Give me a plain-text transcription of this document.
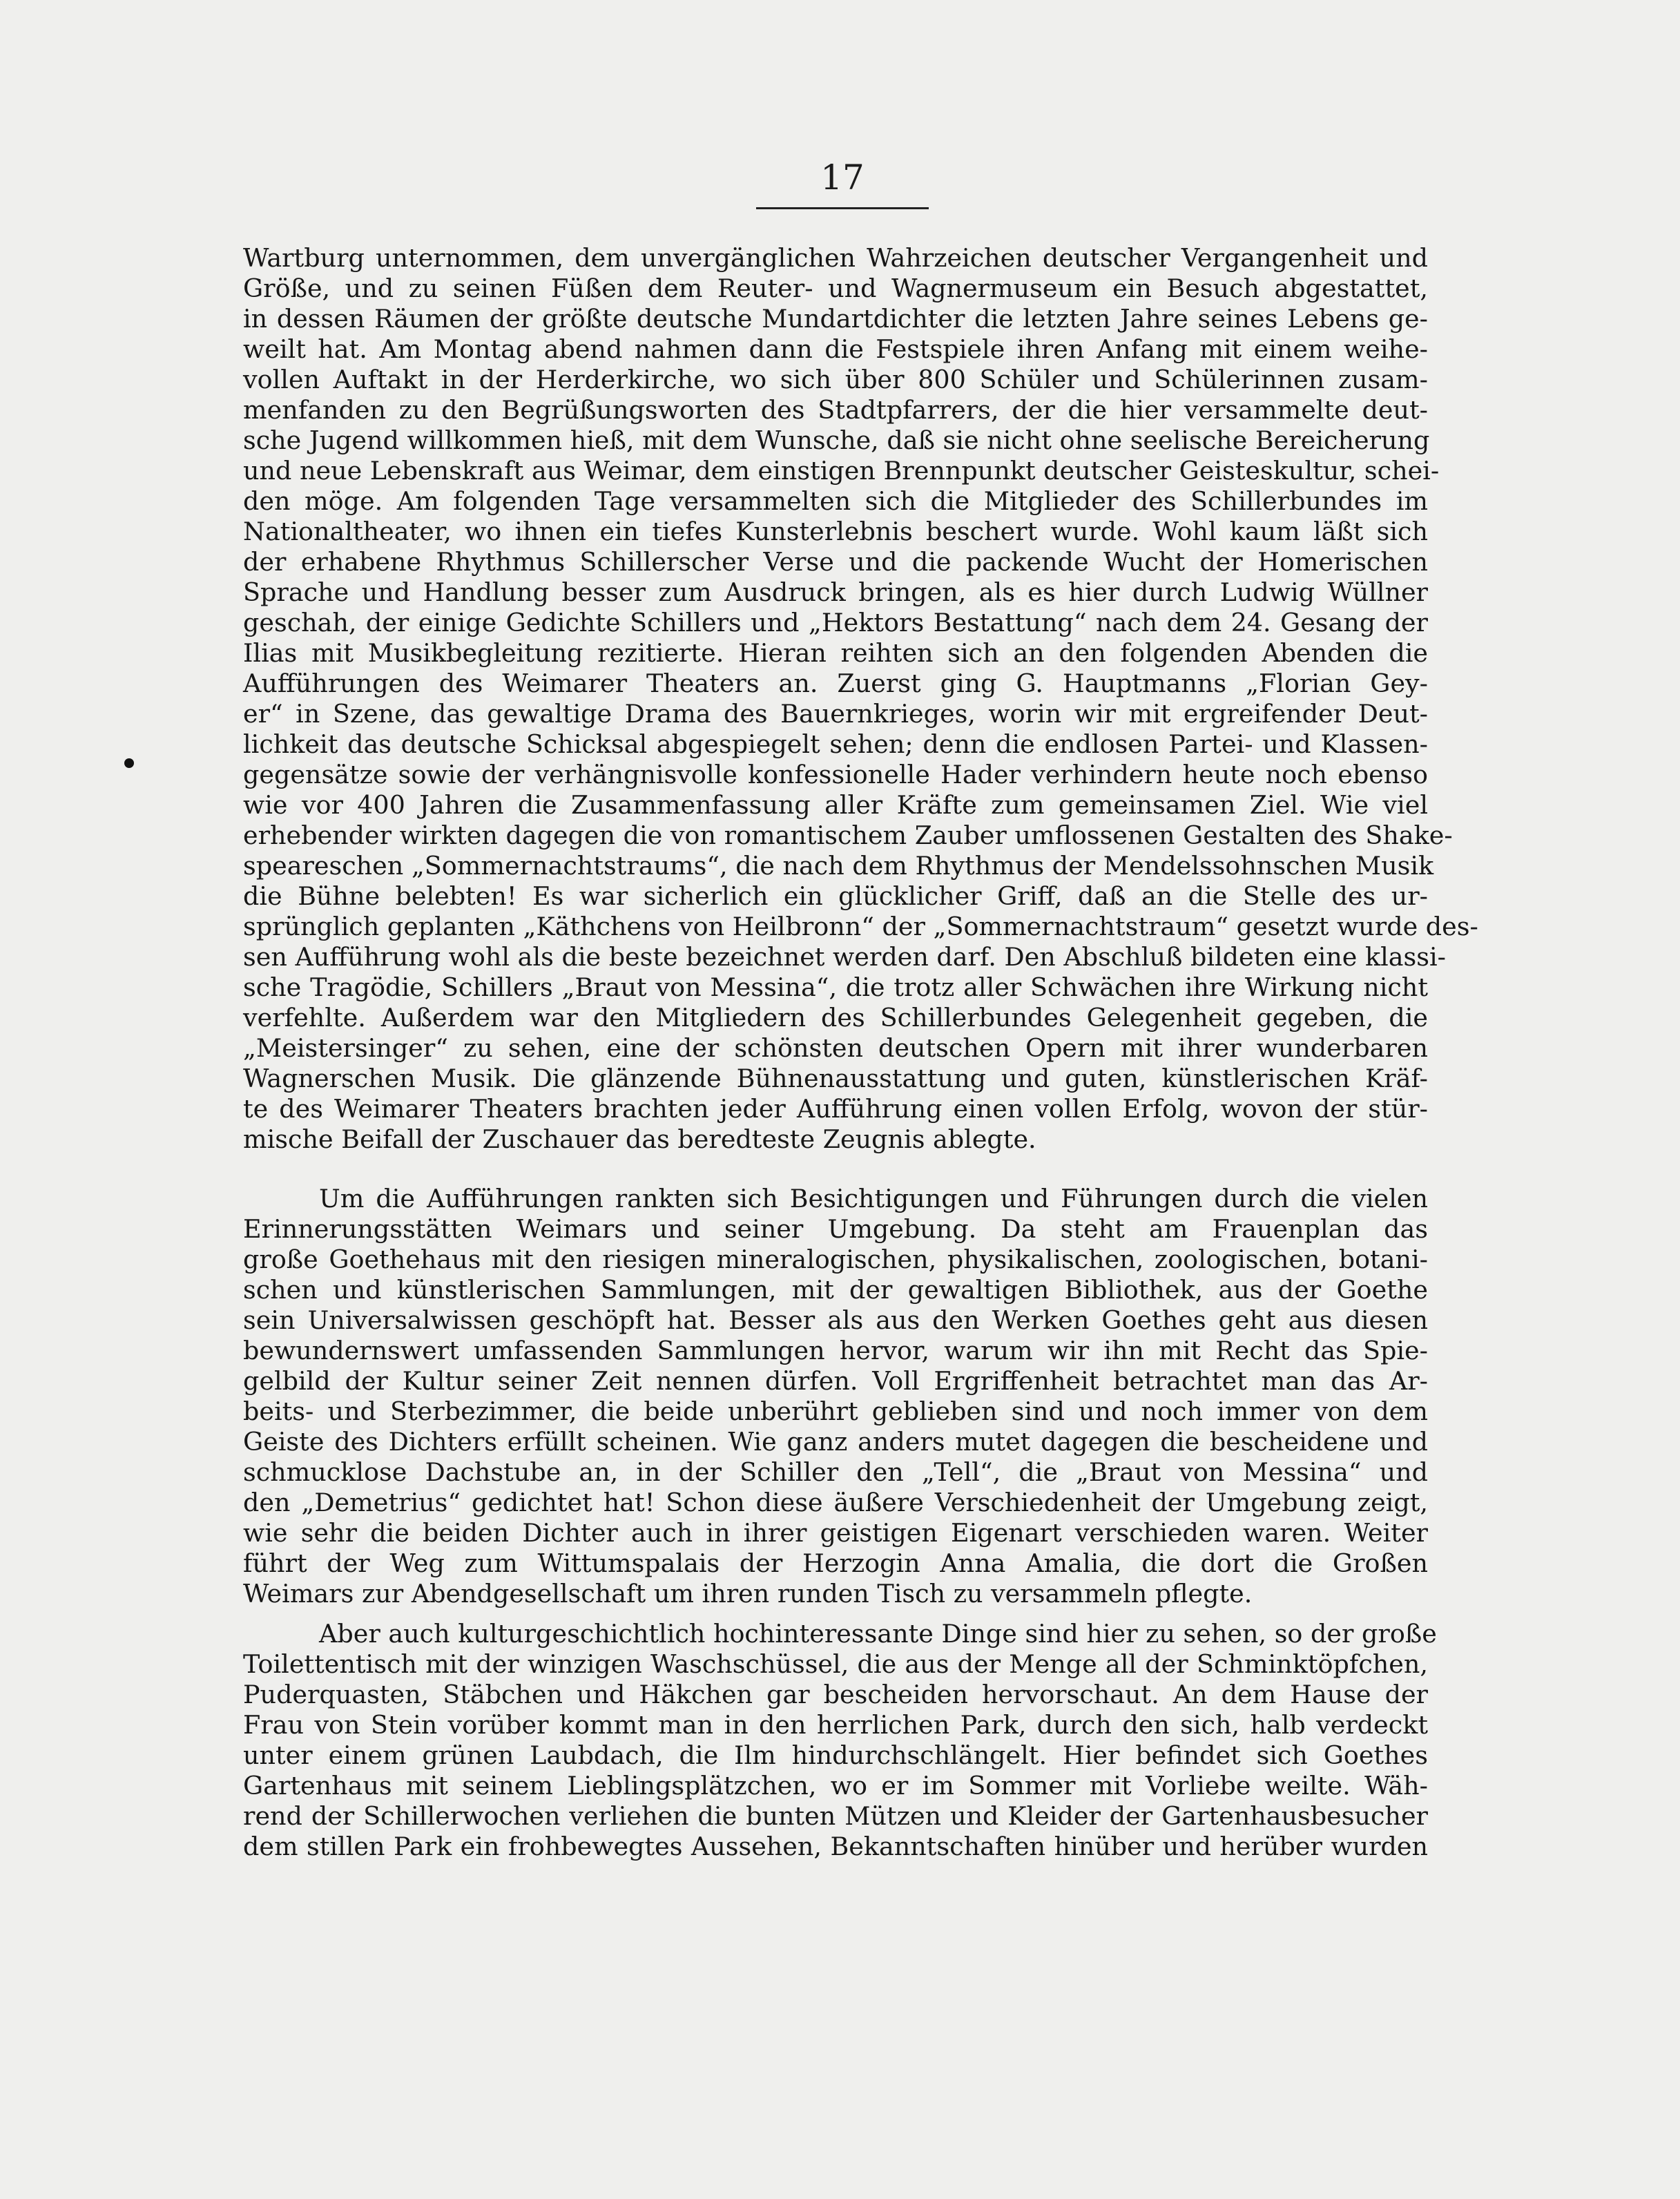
17
Wartburg unternommen, dem unvergänglichen Wahrzeichen deutscher Vergangenheit und
Größe, und zu seinen Füßen dem Reuter- und Wagnermuseum ein Besuch abgestattet,
in dessen Räumen der größte deutsche Mundartdichter die letzten Jahre seines Lebens ge-
weilt hat. Am Montag abend nahmen dann die Festspiele ihren Anfang mit einem weihe-
vollen Auftakt in der Herderkirche, wo sich über 800 Schüler und Schülerinnen zusam-
menfanden zu den Begrüßungsworten des Stadtpfarrers, der die hier versammelte deut-
sche Jugend willkommen hieß, mit dem Wunsche, daß sie nicht ohne seelische Bereicherung
und neue Lebenskraft aus Weimar, dem einstigen Brennpunkt deutscher Geisteskultur, schei-
den möge. Am folgenden Tage versammelten sich die Mitglieder des Schillerbundes im
Nationaltheater, wo ihnen ein tiefes Kunsterlebnis beschert wurde. Wohl kaum läßt sich
der erhabene Rhythmus Schillerscher Verse und die packende Wucht der Homerischen
Sprache und Handlung besser zum Ausdruck bringen, als es hier durch Ludwig Wüllner
geschah, der einige Gedichte Schillers und „Hektors Bestattung“ nach dem 24. Gesang der
Ilias mit Musikbegleitung rezitierte. Hieran reihten sich an den folgenden Abenden die
Aufführungen des Weimarer Theaters an. Zuerst ging G. Hauptmanns „Florian Gey-
er“ in Szene, das gewaltige Drama des Bauernkrieges, worin wir mit ergreifender Deut-
lichkeit das deutsche Schicksal abgespiegelt sehen; denn die endlosen Partei- und Klassen-
gegensätze sowie der verhängnisvolle konfessionelle Hader verhindern heute noch ebenso
wie vor 400 Jahren die Zusammenfassung aller Kräfte zum gemeinsamen Ziel. Wie viel
erhebender wirkten dagegen die von romantischem Zauber umflossenen Gestalten des Shake-
speareschen „Sommernachtstraums“, die nach dem Rhythmus der Mendelssohnschen Musik
die Bühne belebten! Es war sicherlich ein glücklicher Griff, daß an die Stelle des ur-
sprünglich geplanten „Käthchens von Heilbronn“ der „Sommernachtstraum“ gesetzt wurde des-
sen Aufführung wohl als die beste bezeichnet werden darf. Den Abschluß bildeten eine klassi-
sche Tragödie, Schillers „Braut von Messina“, die trotz aller Schwächen ihre Wirkung nicht
verfehlte. Außerdem war den Mitgliedern des Schillerbundes Gelegenheit gegeben, die
„Meistersinger“ zu sehen, eine der schönsten deutschen Opern mit ihrer wunderbaren
Wagnerschen Musik. Die glänzende Bühnenausstattung und guten, künstlerischen Kräf-
te des Weimarer Theaters brachten jeder Aufführung einen vollen Erfolg, wovon der stür-
mische Beifall der Zuschauer das beredteste Zeugnis ablegte.
Um die Aufführungen rankten sich Besichtigungen und Führungen durch die vielen
Erinnerungsstätten Weimars und seiner Umgebung. Da steht am Frauenplan das
große Goethehaus mit den riesigen mineralogischen, physikalischen, zoologischen, botani-
schen und künstlerischen Sammlungen, mit der gewaltigen Bibliothek, aus der Goethe
sein Universalwissen geschöpft hat. Besser als aus den Werken Goethes geht aus diesen
bewundernswert umfassenden Sammlungen hervor, warum wir ihn mit Recht das Spie-
gelbild der Kultur seiner Zeit nennen dürfen. Voll Ergriffenheit betrachtet man das Ar-
beits- und Sterbezimmer, die beide unberührt geblieben sind und noch immer von dem
Geiste des Dichters erfüllt scheinen. Wie ganz anders mutet dagegen die bescheidene und
schmucklose Dachstube an, in der Schiller den „Tell“, die „Braut von Messina“ und
den „Demetrius“ gedichtet hat! Schon diese äußere Verschiedenheit der Umgebung zeigt,
wie sehr die beiden Dichter auch in ihrer geistigen Eigenart verschieden waren. Weiter
führt der Weg zum Wittumspalais der Herzogin Anna Amalia, die dort die Großen
Weimars zur Abendgesellschaft um ihren runden Tisch zu versammeln pflegte.
Aber auch kulturgeschichtlich hochinteressante Dinge sind hier zu sehen, so der große
Toilettentisch mit der winzigen Waschschüssel, die aus der Menge all der Schminktöpfchen,
Puderquasten, Stäbchen und Häkchen gar bescheiden hervorschaut. An dem Hause der
Frau von Stein vorüber kommt man in den herrlichen Park, durch den sich, halb verdeckt
unter einem grünen Laubdach, die Ilm hindurchschlängelt. Hier befindet sich Goethes
Gartenhaus mit seinem Lieblingsplätzchen, wo er im Sommer mit Vorliebe weilte. Wäh-
rend der Schillerwochen verliehen die bunten Mützen und Kleider der Gartenhausbesucher
dem stillen Park ein frohbewegtes Aussehen, Bekanntschaften hinüber und herüber wurden
